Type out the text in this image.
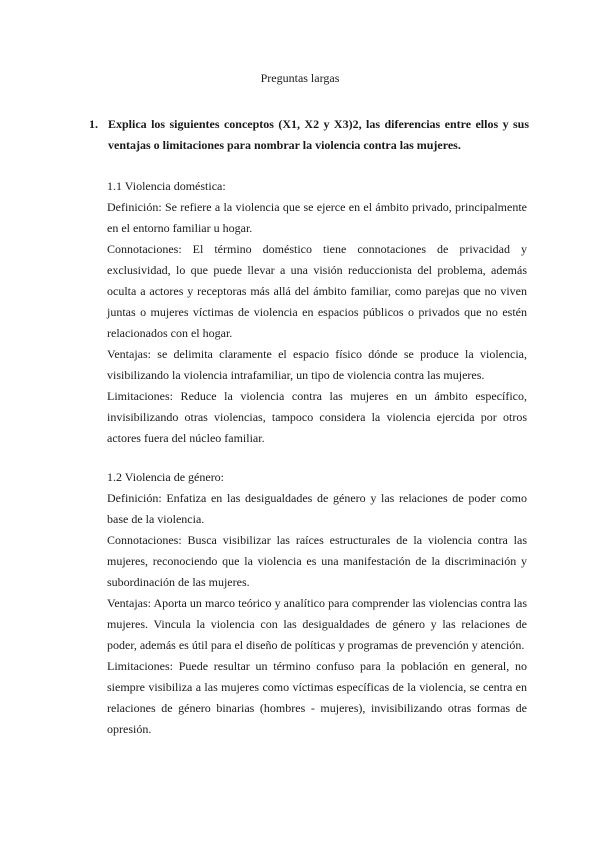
Preguntas largas
1. Explica los siguientes conceptos (X1, X2 y X3)2, las diferencias entre ellos y sus ventajas o limitaciones para nombrar la violencia contra las mujeres.
1.1 Violencia doméstica:

Definición: Se refiere a la violencia que se ejerce en el ámbito privado, principalmente en el entorno familiar u hogar.

Connotaciones: El término doméstico tiene connotaciones de privacidad y exclusividad, lo que puede llevar a una visión reduccionista del problema, además oculta a actores y receptoras más allá del ámbito familiar, como parejas que no viven juntas o mujeres víctimas de violencia en espacios públicos o privados que no estén relacionados con el hogar.

Ventajas: se delimita claramente el espacio físico dónde se produce la violencia, visibilizando la violencia intrafamiliar, un tipo de violencia contra las mujeres.

Limitaciones: Reduce la violencia contra las mujeres en un ámbito específico, invisibilizando otras violencias, tampoco considera la violencia ejercida por otros actores fuera del núcleo familiar.

1.2 Violencia de género:

Definición: Enfatiza en las desigualdades de género y las relaciones de poder como base de la violencia.

Connotaciones: Busca visibilizar las raíces estructurales de la violencia contra las mujeres, reconociendo que la violencia es una manifestación de la discriminación y subordinación de las mujeres.

Ventajas: Aporta un marco teórico y analítico para comprender las violencias contra las mujeres. Vincula la violencia con las desigualdades de género y las relaciones de poder, además es útil para el diseño de políticas y programas de prevención y atención.

Limitaciones: Puede resultar un término confuso para la población en general, no siempre visibiliza a las mujeres como víctimas específicas de la violencia, se centra en relaciones de género binarias (hombres - mujeres), invisibilizando otras formas de opresión.
